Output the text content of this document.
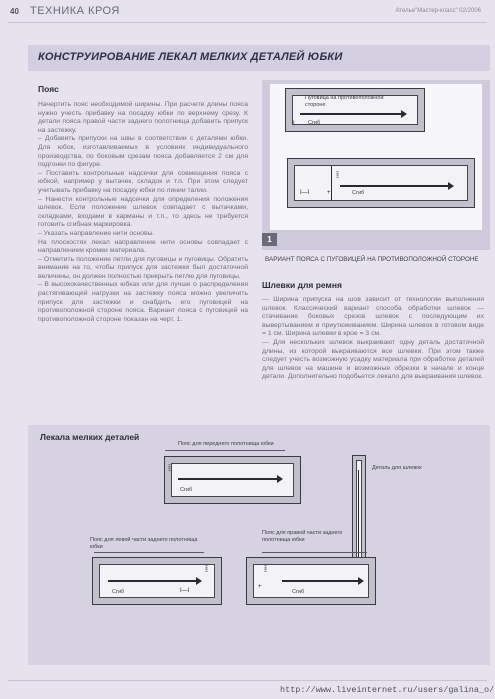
40 ТЕХНИКА КРОЯ	Ателье"Мастер-класс" 02/2006
КОНСТРУИРОВАНИЕ ЛЕКАЛ МЕЛКИХ ДЕТАЛЕЙ ЮБКИ
Пояс

Начертить пояс необходимой ширины. При расчете длины пояса нужно учесть прибавку на посадку юбки по верхнему срезу. К детали пояса правой части заднего полотнища добавить припуск на застежку.

– Добавить припуски на швы в соответствии с деталями юбки. Для юбок, изготавливаемых в условиях индивидуального производства, по боковым срезам пояса добавляется 2 см для подгонки по фигуре.

– Поставить контрольные надсечки для совмещения пояса с юбкой, например у вытачек, складок и т.п. При этом следует учитывать прибавку на посадку юбки по линии талии.

– Нанести контрольные надсечки для определения положения шлевок. Если положение шлевок совпадает с вытачками, складками, входами в карманы и т.п., то здесь не требуется готовить сгибная маркировка.

– Указать направление нити основы.

На плоскостях лекал направление нити основы совпадает с направлением кромки материала.

– Отметить положение петли для пуговицы и пуговицы. Обратить внимание на то, чтобы припуск для застежки был достаточной величины, он должен полностью прикрыть петлю для пуговицы.

– В высококачественных юбках или для лучше о распределения растягивающей нагрузки на застежку пояса можно увеличить припуск для застежки и снабдить его пуговицей на противоположной стороне пояса. Вариант пояса с пуговицей на противоположной стороне показан на черт. 1.

Пуговица на противоположной стороне
Сгиб
I
Сгиб
НН
I—I	+
1
ВАРИАНТ ПОЯСА С ПУГОВИЦЕЙ НА ПРОТИВОПОЛОЖНОЙ СТОРОНЕ
Шлевки для ремня

— Ширина припуска на шов зависит от технологии выполнения шлевок. Классический вариант способа обработки шлевок — стачивание боковых срезов шлевок с последующим их вывертыванием и приутюживанием. Ширина шлевок в готовом виде = 1 см. Ширина шлевки в крое = 3 см.

— Для нескольких шлевок выкраивают одну деталь достаточной длины, из которой выкраиваются все шлевки. При этом также следует учесть возможную усадку материала при обработке деталей для шлевок на машине и возможные обрезки в начале и конце детали. Дополнительно подобьется лекало для выкраивания шлевок.

Лекала мелких деталей
Пояс для переднего полотнища юбки
Сгиб
НН	Деталь для шлевок
Пояс для левой части заднего полотнища юбки
Сгиб
НН
I—I
Пояс для правой части заднего полотнища юбки
Сгиб
НН
+
http://www.liveinternet.ru/users/galina_o/
